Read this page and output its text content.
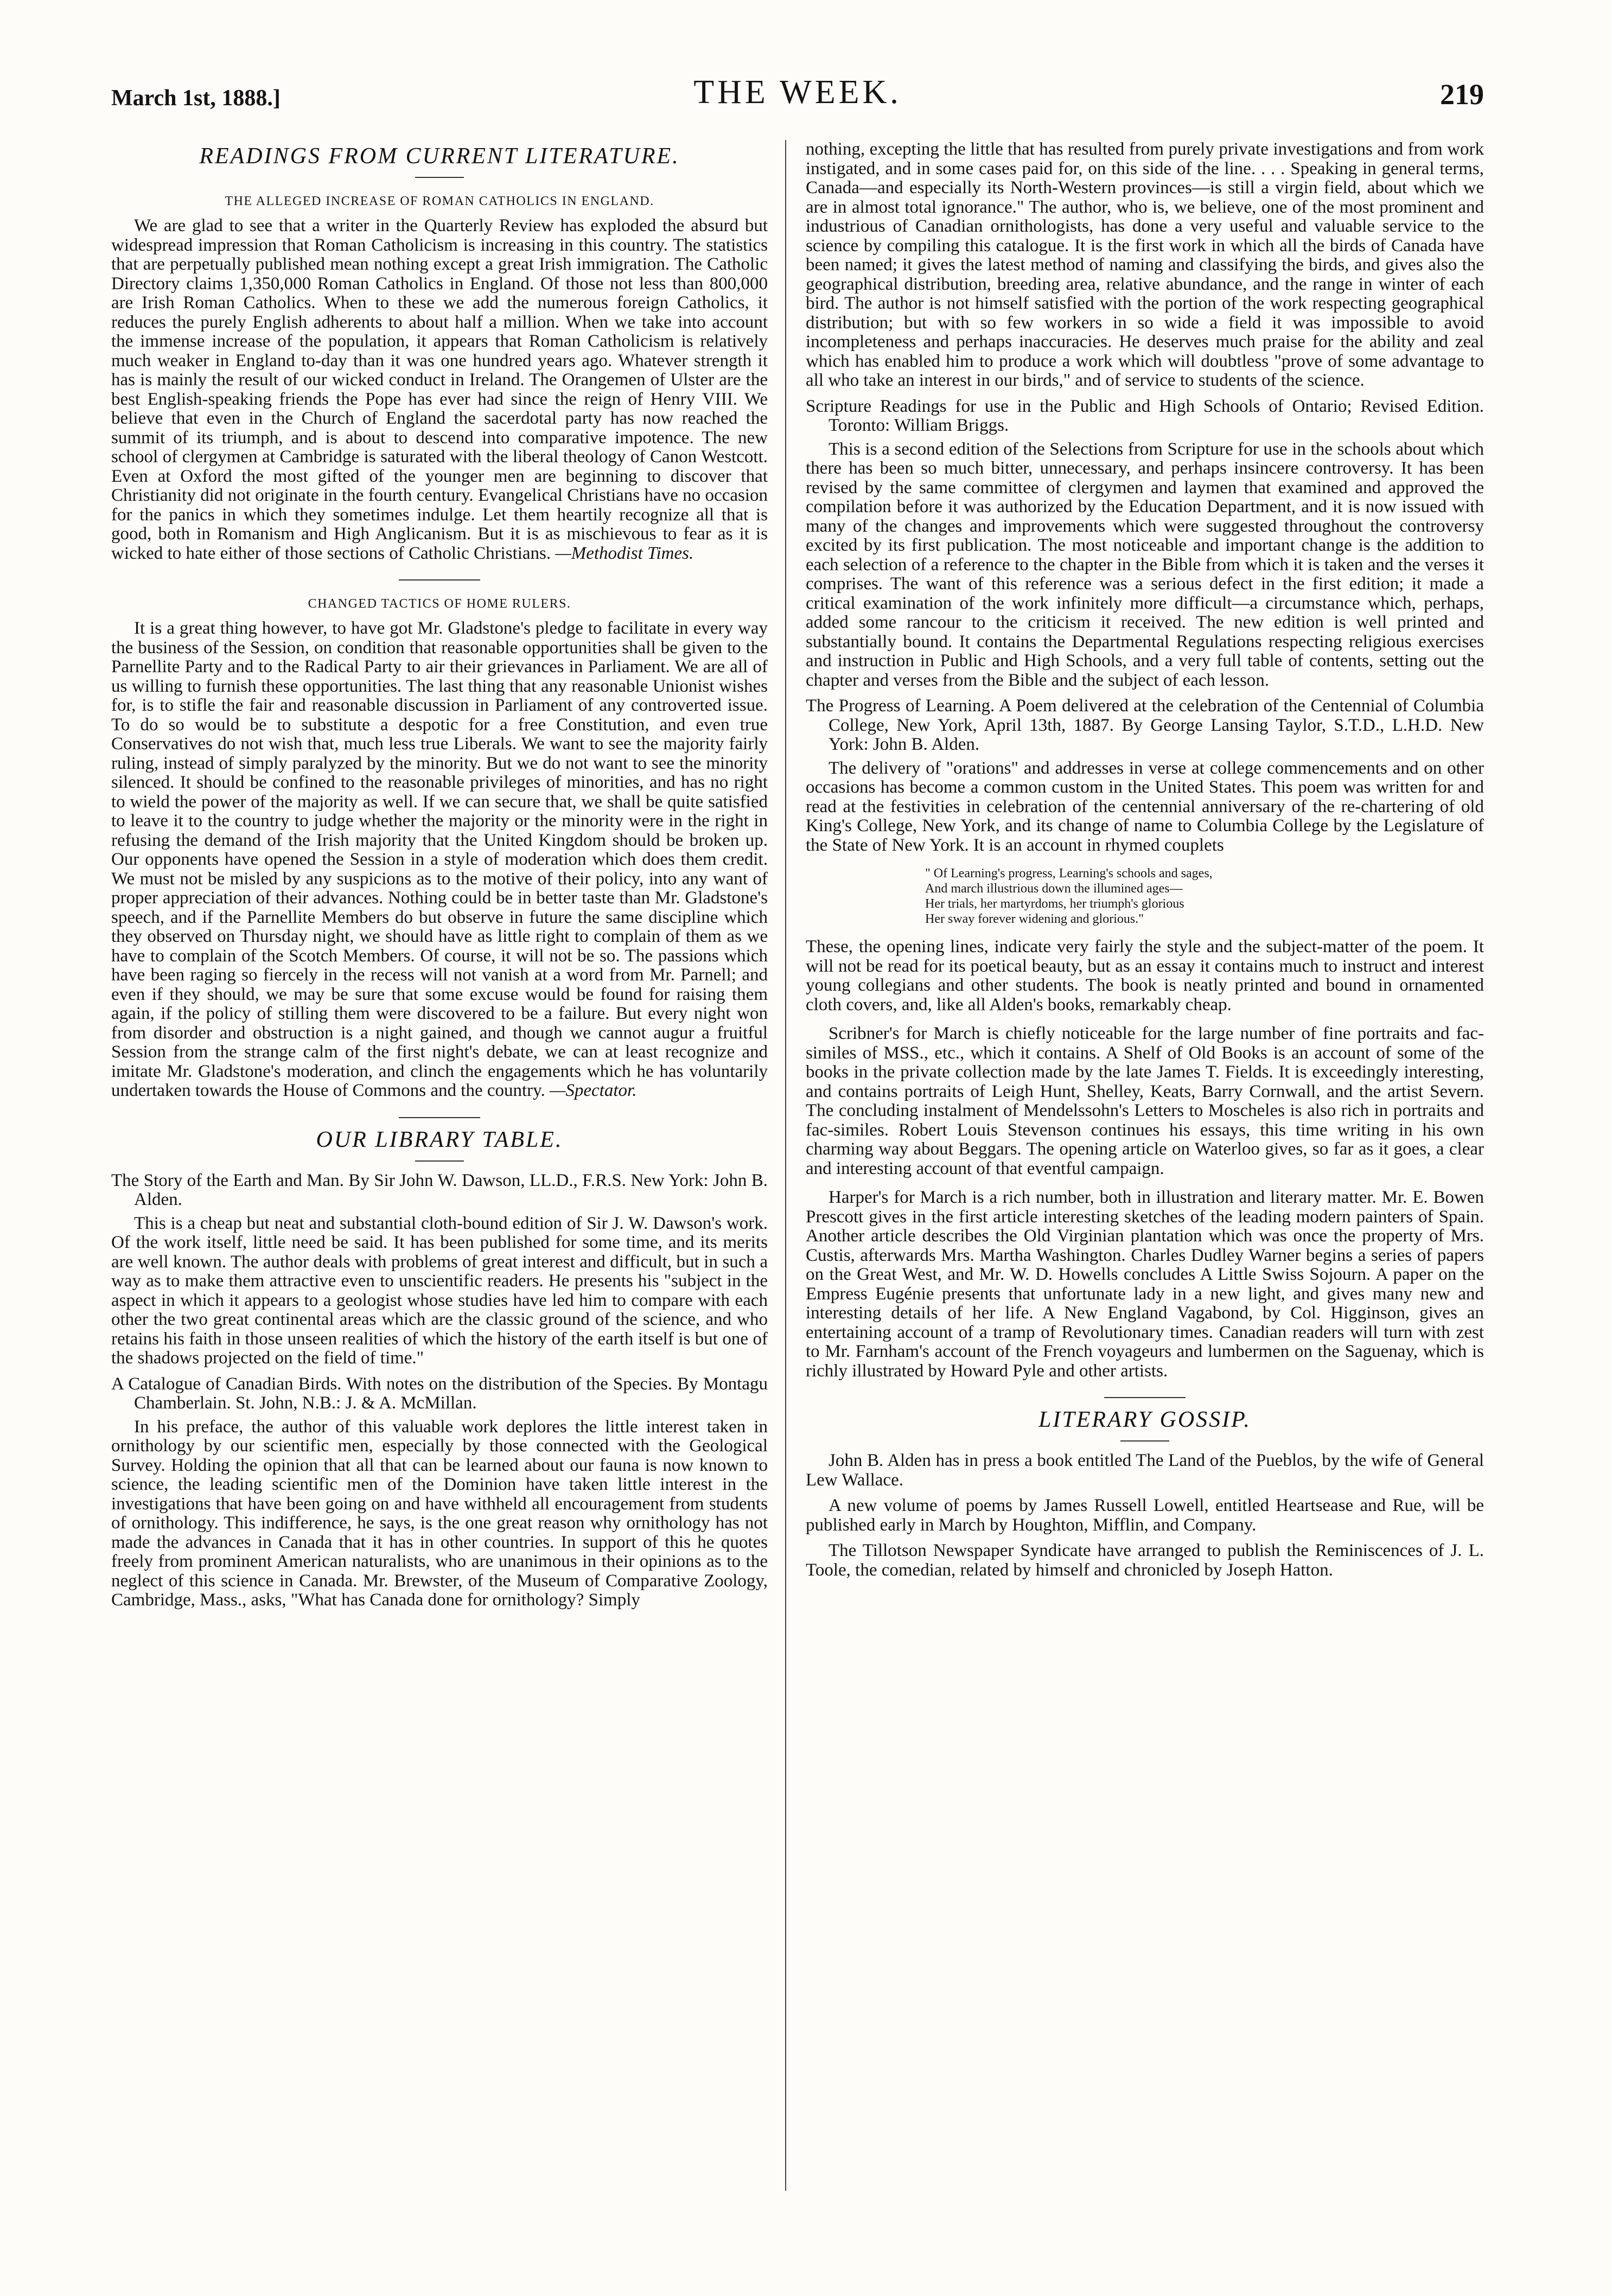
March 1st, 1888.]	THE WEEK.	219
READINGS FROM CURRENT LITERATURE.
THE ALLEGED INCREASE OF ROMAN CATHOLICS IN ENGLAND.

We are glad to see that a writer in the Quarterly Review has exploded the absurd but widespread impression that Roman Catholicism is increasing in this country. The statistics that are perpetually published mean nothing except a great Irish immigration. The Catholic Directory claims 1,350,000 Roman Catholics in England. Of those not less than 800,000 are Irish Roman Catholics. When to these we add the numerous foreign Catholics, it reduces the purely English adherents to about half a million. When we take into account the immense increase of the population, it appears that Roman Catholicism is relatively much weaker in England to-day than it was one hundred years ago. Whatever strength it has is mainly the result of our wicked conduct in Ireland. The Orangemen of Ulster are the best English-speaking friends the Pope has ever had since the reign of Henry VIII. We believe that even in the Church of England the sacerdotal party has now reached the summit of its triumph, and is about to descend into comparative impotence. The new school of clergymen at Cambridge is saturated with the liberal theology of Canon Westcott. Even at Oxford the most gifted of the younger men are beginning to discover that Christianity did not originate in the fourth century. Evangelical Christians have no occasion for the panics in which they sometimes indulge. Let them heartily recognize all that is good, both in Romanism and High Anglicanism. But it is as mischievous to fear as it is wicked to hate either of those sections of Catholic Christians. —Methodist Times.

CHANGED TACTICS OF HOME RULERS.

It is a great thing however, to have got Mr. Gladstone's pledge to facilitate in every way the business of the Session, on condition that reasonable opportunities shall be given to the Parnellite Party and to the Radical Party to air their grievances in Parliament. We are all of us willing to furnish these opportunities. The last thing that any reasonable Unionist wishes for, is to stifle the fair and reasonable discussion in Parliament of any controverted issue. To do so would be to substitute a despotic for a free Constitution, and even true Conservatives do not wish that, much less true Liberals. We want to see the majority fairly ruling, instead of simply paralyzed by the minority. But we do not want to see the minority silenced. It should be confined to the reasonable privileges of minorities, and has no right to wield the power of the majority as well. If we can secure that, we shall be quite satisfied to leave it to the country to judge whether the majority or the minority were in the right in refusing the demand of the Irish majority that the United Kingdom should be broken up. Our opponents have opened the Session in a style of moderation which does them credit. We must not be misled by any suspicions as to the motive of their policy, into any want of proper appreciation of their advances. Nothing could be in better taste than Mr. Gladstone's speech, and if the Parnellite Members do but observe in future the same discipline which they observed on Thursday night, we should have as little right to complain of them as we have to complain of the Scotch Members. Of course, it will not be so. The passions which have been raging so fiercely in the recess will not vanish at a word from Mr. Parnell; and even if they should, we may be sure that some excuse would be found for raising them again, if the policy of stilling them were discovered to be a failure. But every night won from disorder and obstruction is a night gained, and though we cannot augur a fruitful Session from the strange calm of the first night's debate, we can at least recognize and imitate Mr. Gladstone's moderation, and clinch the engagements which he has voluntarily undertaken towards the House of Commons and the country. —Spectator.

OUR LIBRARY TABLE.
The Story of the Earth and Man. By Sir John W. Dawson, LL.D., F.R.S. New York: John B. Alden.

This is a cheap but neat and substantial cloth-bound edition of Sir J. W. Dawson's work. Of the work itself, little need be said. It has been published for some time, and its merits are well known. The author deals with problems of great interest and difficult, but in such a way as to make them attractive even to unscientific readers. He presents his "subject in the aspect in which it appears to a geologist whose studies have led him to compare with each other the two great continental areas which are the classic ground of the science, and who retains his faith in those unseen realities of which the history of the earth itself is but one of the shadows projected on the field of time."

A Catalogue of Canadian Birds. With notes on the distribution of the Species. By Montagu Chamberlain. St. John, N.B.: J. & A. McMillan.

In his preface, the author of this valuable work deplores the little interest taken in ornithology by our scientific men, especially by those connected with the Geological Survey. Holding the opinion that all that can be learned about our fauna is now known to science, the leading scientific men of the Dominion have taken little interest in the investigations that have been going on and have withheld all encouragement from students of ornithology. This indifference, he says, is the one great reason why ornithology has not made the advances in Canada that it has in other countries. In support of this he quotes freely from prominent American naturalists, who are unanimous in their opinions as to the neglect of this science in Canada. Mr. Brewster, of the Museum of Comparative Zoology, Cambridge, Mass., asks, "What has Canada done for ornithology? Simply

nothing, excepting the little that has resulted from purely private investigations and from work instigated, and in some cases paid for, on this side of the line. . . . Speaking in general terms, Canada—and especially its North-Western provinces—is still a virgin field, about which we are in almost total ignorance." The author, who is, we believe, one of the most prominent and industrious of Canadian ornithologists, has done a very useful and valuable service to the science by compiling this catalogue. It is the first work in which all the birds of Canada have been named; it gives the latest method of naming and classifying the birds, and gives also the geographical distribution, breeding area, relative abundance, and the range in winter of each bird. The author is not himself satisfied with the portion of the work respecting geographical distribution; but with so few workers in so wide a field it was impossible to avoid incompleteness and perhaps inaccuracies. He deserves much praise for the ability and zeal which has enabled him to produce a work which will doubtless "prove of some advantage to all who take an interest in our birds," and of service to students of the science.

Scripture Readings for use in the Public and High Schools of Ontario; Revised Edition. Toronto: William Briggs.

This is a second edition of the Selections from Scripture for use in the schools about which there has been so much bitter, unnecessary, and perhaps insincere controversy. It has been revised by the same committee of clergymen and laymen that examined and approved the compilation before it was authorized by the Education Department, and it is now issued with many of the changes and improvements which were suggested throughout the controversy excited by its first publication. The most noticeable and important change is the addition to each selection of a reference to the chapter in the Bible from which it is taken and the verses it comprises. The want of this reference was a serious defect in the first edition; it made a critical examination of the work infinitely more difficult—a circumstance which, perhaps, added some rancour to the criticism it received. The new edition is well printed and substantially bound. It contains the Departmental Regulations respecting religious exercises and instruction in Public and High Schools, and a very full table of contents, setting out the chapter and verses from the Bible and the subject of each lesson.

The Progress of Learning. A Poem delivered at the celebration of the Centennial of Columbia College, New York, April 13th, 1887. By George Lansing Taylor, S.T.D., L.H.D. New York: John B. Alden.

The delivery of "orations" and addresses in verse at college commencements and on other occasions has become a common custom in the United States. This poem was written for and read at the festivities in celebration of the centennial anniversary of the re-chartering of old King's College, New York, and its change of name to Columbia College by the Legislature of the State of New York. It is an account in rhymed couplets

" Of Learning's progress, Learning's schools and sages,
And march illustrious down the illumined ages—
Her trials, her martyrdoms, her triumph's glorious
Her sway forever widening and glorious."

These, the opening lines, indicate very fairly the style and the subject-matter of the poem. It will not be read for its poetical beauty, but as an essay it contains much to instruct and interest young collegians and other students. The book is neatly printed and bound in ornamented cloth covers, and, like all Alden's books, remarkably cheap.

Scribner's for March is chiefly noticeable for the large number of fine portraits and fac-similes of MSS., etc., which it contains. A Shelf of Old Books is an account of some of the books in the private collection made by the late James T. Fields. It is exceedingly interesting, and contains portraits of Leigh Hunt, Shelley, Keats, Barry Cornwall, and the artist Severn. The concluding instalment of Mendelssohn's Letters to Moscheles is also rich in portraits and fac-similes. Robert Louis Stevenson continues his essays, this time writing in his own charming way about Beggars. The opening article on Waterloo gives, so far as it goes, a clear and interesting account of that eventful campaign.

Harper's for March is a rich number, both in illustration and literary matter. Mr. E. Bowen Prescott gives in the first article interesting sketches of the leading modern painters of Spain. Another article describes the Old Virginian plantation which was once the property of Mrs. Custis, afterwards Mrs. Martha Washington. Charles Dudley Warner begins a series of papers on the Great West, and Mr. W. D. Howells concludes A Little Swiss Sojourn. A paper on the Empress Eugénie presents that unfortunate lady in a new light, and gives many new and interesting details of her life. A New England Vagabond, by Col. Higginson, gives an entertaining account of a tramp of Revolutionary times. Canadian readers will turn with zest to Mr. Farnham's account of the French voyageurs and lumbermen on the Saguenay, which is richly illustrated by Howard Pyle and other artists.

LITERARY GOSSIP.

John B. Alden has in press a book entitled The Land of the Pueblos, by the wife of General Lew Wallace.

A new volume of poems by James Russell Lowell, entitled Heartsease and Rue, will be published early in March by Houghton, Mifflin, and Company.

The Tillotson Newspaper Syndicate have arranged to publish the Reminiscences of J. L. Toole, the comedian, related by himself and chronicled by Joseph Hatton.
